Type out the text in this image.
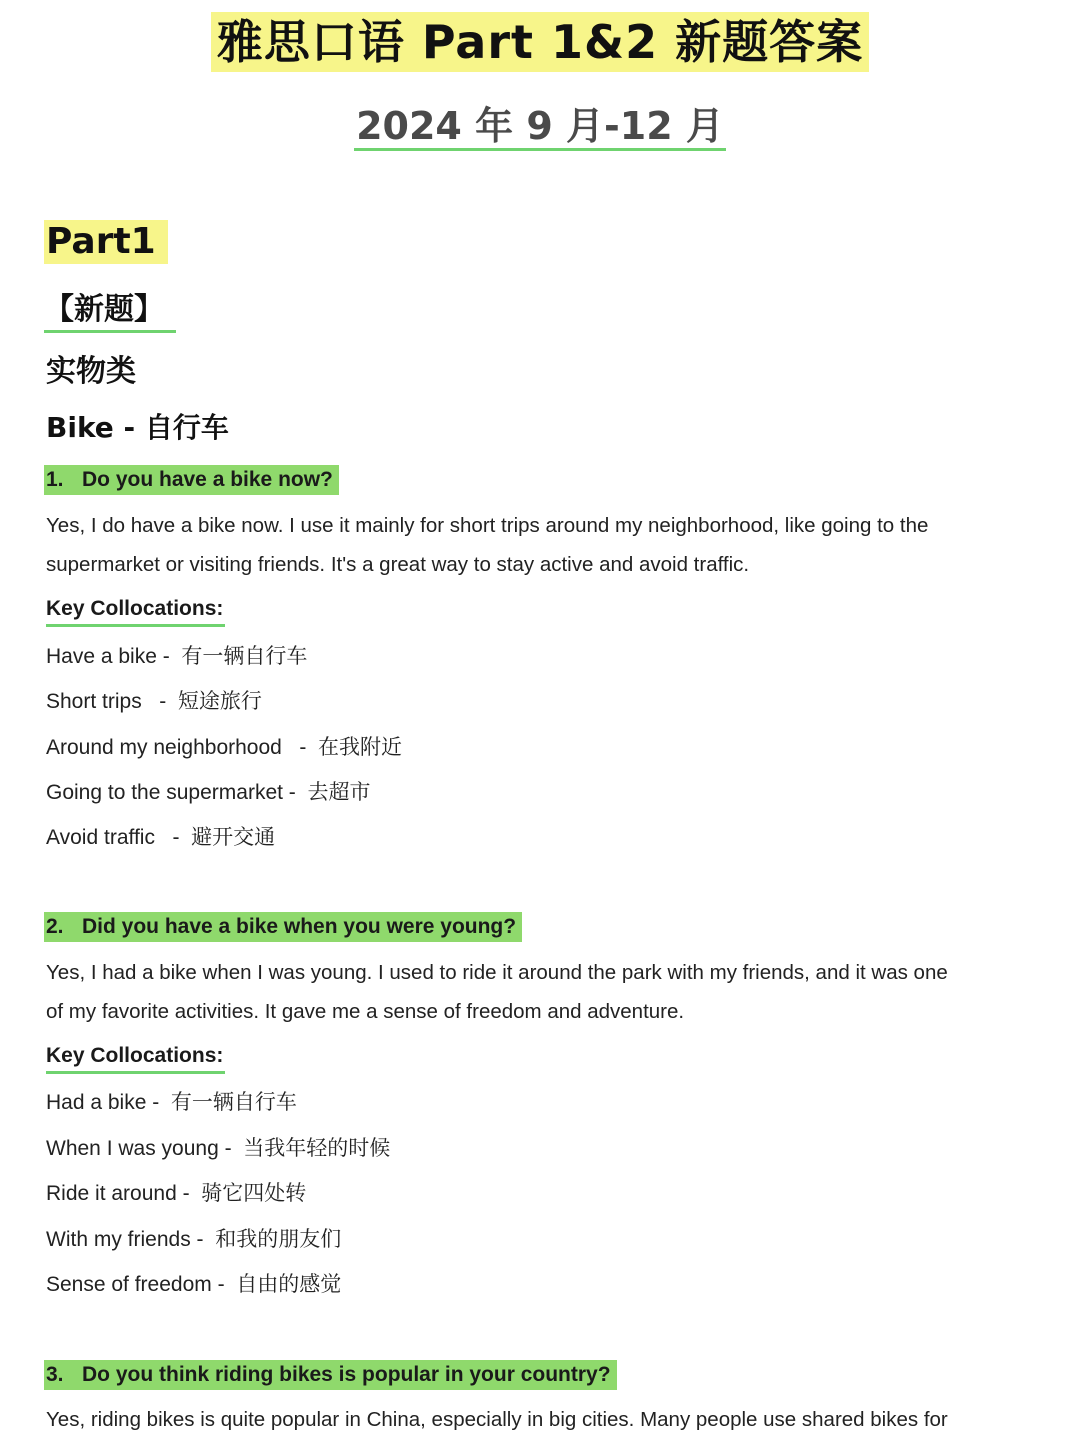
雅思口语 Part 1&2 新题答案
2024 年 9 月-12 月
Part1
【新题】
实物类
Bike - 自行车
1. Do you have a bike now?
Yes, I do have a bike now. I use it mainly for short trips around my neighborhood, like going to the
supermarket or visiting friends. It's a great way to stay active and avoid traffic.
Key Collocations:
Have a bike -  有一辆自行车
Short trips   -  短途旅行
Around my neighborhood   -  在我附近
Going to the supermarket -  去超市
Avoid traffic   -  避开交通
2. Did you have a bike when you were young?
Yes, I had a bike when I was young. I used to ride it around the park with my friends, and it was one
of my favorite activities. It gave me a sense of freedom and adventure.
Key Collocations:
Had a bike -  有一辆自行车
When I was young -  当我年轻的时候
Ride it around -  骑它四处转
With my friends -  和我的朋友们
Sense of freedom -  自由的感觉
3. Do you think riding bikes is popular in your country?
Yes, riding bikes is quite popular in China, especially in big cities. Many people use shared bikes for
